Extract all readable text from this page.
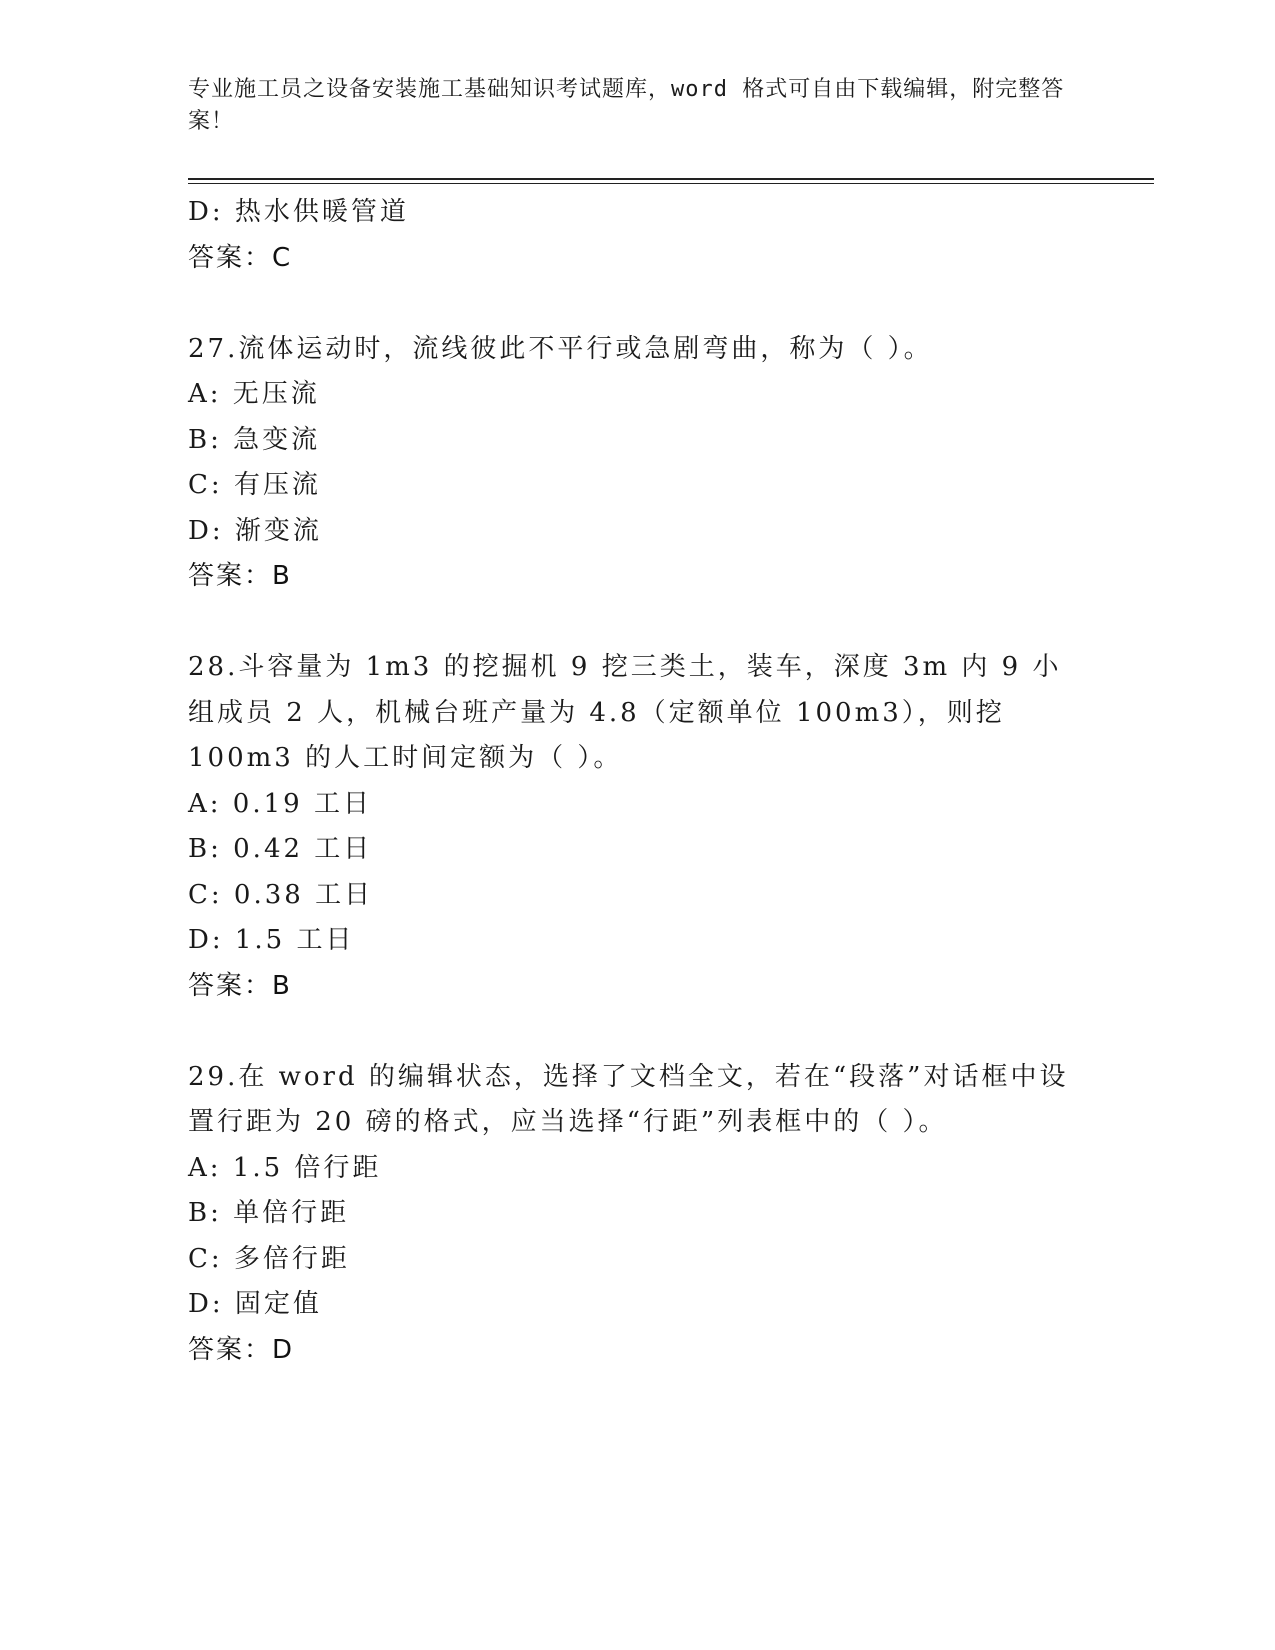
专业施工员之设备安装施工基础知识考试题库，word 格式可自由下载编辑，附完整答案！
D: 热水供暖管道
答案：C
27.流体运动时，流线彼此不平行或急剧弯曲，称为（ ）。
A: 无压流
B: 急变流
C: 有压流
D: 渐变流
答案：B
28.斗容量为 1m3 的挖掘机 9 挖三类土，装车，深度 3m 内 9 小组成员 2 人，机械台班产量为 4.8（定额单位 100m3），则挖 100m3 的人工时间定额为（ ）。
A: 0.19 工日
B: 0.42 工日
C: 0.38 工日
D: 1.5 工日
答案：B
29.在 word 的编辑状态，选择了文档全文，若在“段落”对话框中设置行距为 20 磅的格式，应当选择“行距”列表框中的（ ）。
A: 1.5 倍行距
B: 单倍行距
C: 多倍行距
D: 固定值
答案：D
